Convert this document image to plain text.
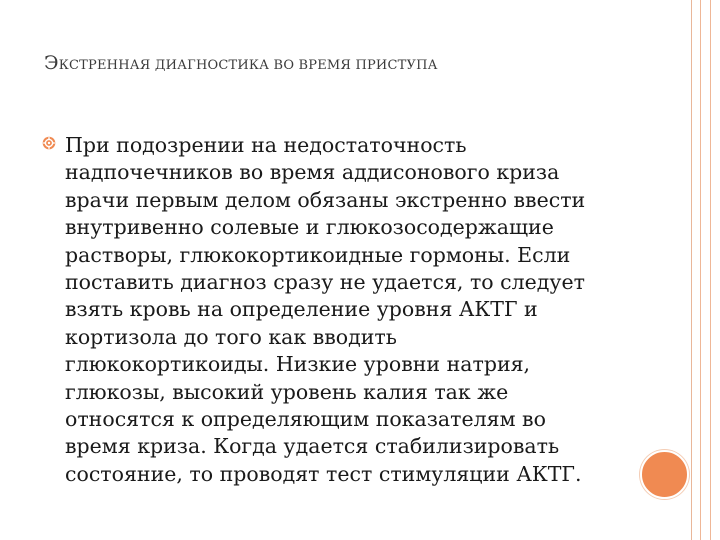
ЭКСТРЕННАЯ ДИАГНОСТИКА ВО ВРЕМЯ ПРИСТУПА
При подозрении на недостаточность
надпочечников во время аддисонового криза
врачи первым делом обязаны экстренно ввести
внутривенно солевые и глюкозосодержащие
растворы, глюкокортикоидные гормоны. Если
поставить диагноз сразу не удается, то следует
взять кровь на определение уровня АКТГ и
кортизола до того как вводить
глюкокортикоиды. Низкие уровни натрия,
глюкозы, высокий уровень калия так же
относятся к определяющим показателям во
время криза. Когда удается стабилизировать
состояние, то проводят тест стимуляции АКТГ.
